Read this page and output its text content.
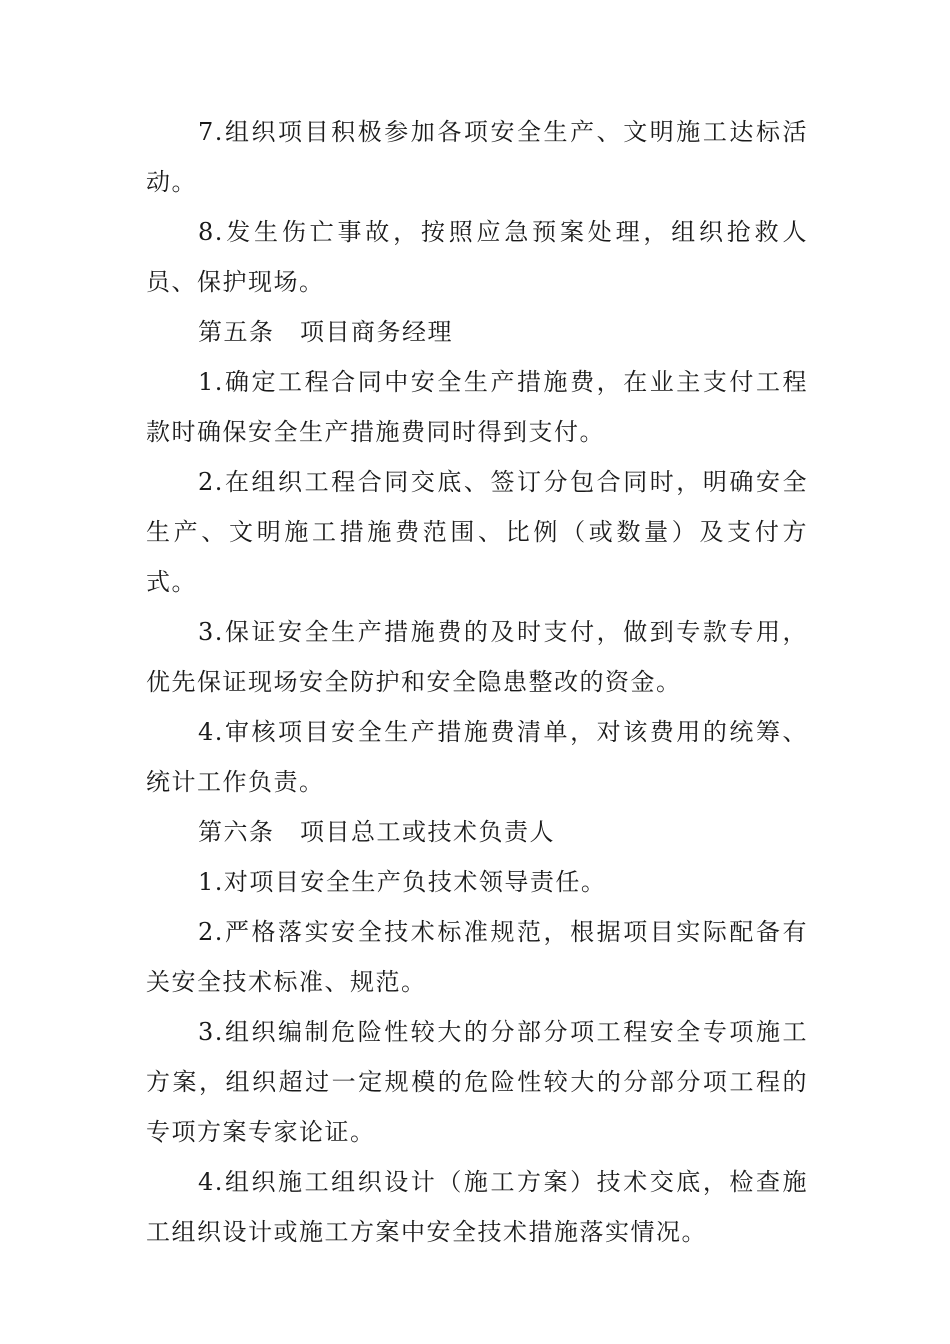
7.组织项目积极参加各项安全生产、文明施工达标活动。

8.发生伤亡事故，按照应急预案处理，组织抢救人员、保护现场。

第五条　项目商务经理

1.确定工程合同中安全生产措施费，在业主支付工程款时确保安全生产措施费同时得到支付。

2.在组织工程合同交底、签订分包合同时，明确安全生产、文明施工措施费范围、比例（或数量）及支付方式。

3.保证安全生产措施费的及时支付，做到专款专用，优先保证现场安全防护和安全隐患整改的资金。

4.审核项目安全生产措施费清单，对该费用的统筹、统计工作负责。

第六条　项目总工或技术负责人

1.对项目安全生产负技术领导责任。

2.严格落实安全技术标准规范，根据项目实际配备有关安全技术标准、规范。

3.组织编制危险性较大的分部分项工程安全专项施工方案，组织超过一定规模的危险性较大的分部分项工程的专项方案专家论证。

4.组织施工组织设计（施工方案）技术交底，检查施工组织设计或施工方案中安全技术措施落实情况。
